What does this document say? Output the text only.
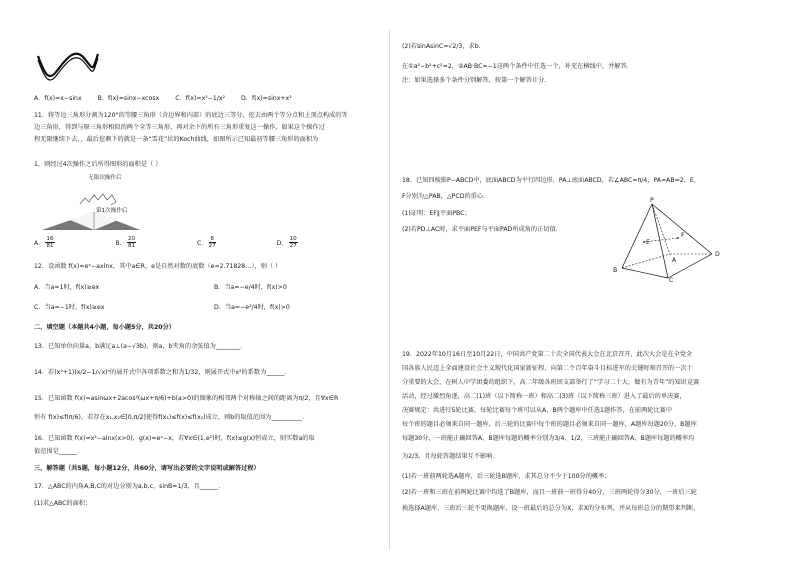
A．f(x)=x−sinx	B．f(x)=sinx−xcosx	C．f(x)=x²−1/x²	D．f(x)=sinx+x²
11．将等边三角形分割为120°的等腰三角形（含边界和内部）的底边三等分，挖去由两个等分点和上顶点构成的等
边三角形，得到与原三角形相似的两个全等三角形，再对余下的所有三角形重复这一操作，如果这个操作过
程无限继续下去，，最后挖剩下的就是一条“雪花”状的Koch曲线，如图所示已知最初等腰三角形的面积为
1，则经过4次操作之后所得图形的面积是（ ）
无限次操作后
第1次操作后
A． $\frac{16}{81}$	B． $\frac{20}{81}$	C． $\frac{8}{27}$	D． $\frac{10}{27}$
12．设函数 f(x)=eˣ−axlnx，其中a∈R，e是自然对数的底数（e≈2.71828…），则（ ）
A．当a=1时，f(x)≥ex	B．当a=−e/4时，f(x)>0
C．当a=−1时，f(x)≥ex	D．当a=−e²/4时，f(x)>0
二、填空题（本题共4小题，每小题5分，共20分）
13．已知单位向量a，b满足a⊥(a−√3b)，则a，b夹角的余弦值为________．
14．若(x²+1)(x/2−1/√x)ⁿ的展开式中各项系数之和为1/32，则展开式中x²的系数为______．
15．已知函数 f(x)=asinωx+2acos²(ωx+π/6)+b(a>0)的图象的相邻两个对称轴之间的距离为π/2，且∀x∈R
恒有 f(x)≤f(π/6)，若存在x₁,x₂∈[0,π/2]使得f(x₁)≤f(x)≤f(x₂)成立，则b的取值范围为__________．
16．已知函数 f(x)=x²−alnx(x>0)，g(x)=eˣ−x，若∀x∈(1,e²)时，f(x)≤g(x)恒成立，则实数a的取
值范围是______．
三、解答题（共5题，每小题12分，共60分，请写出必要的文字说明或解答过程）
17．△ABC的内角A,B,C的对边分别为a,b,c，sinB=1/3，且______．
(1)求△ABC的面积；
(2)若sinAsinC=√2/3，求b．
在①a²−b²+c²=2，②AB·BC=−1这两个条件中任选一个，补充在横线中，并解答．
注：如果选择多个条件分别解答，按第一个解答计分．
18．已知四棱锥P−ABCD中，底面ABCD为平行四边形，PA⊥底面ABCD，若∠ABC=π/4，PA=AB=2，E，
F分别为△PAB，△PCD的重心．
(1)证明：EF∥平面PBC；
(2)若PD⊥AC时，求平面PEF与平面PAD所成角的正切值．
P
E
F
A
B
C
D
19．2022年10月16日至10月22日，中国共产党第二十次全国代表大会在北京召开，此次大会是在全党全
国各族人民迈上全面建设社会主义现代化国家新征程、向第二个百年奋斗目标进军的关键时刻召开的一次十
分重要的大会，在树人中学团委的组织下，高二年级各班团支部举行了“学习二十大，做有为青年”的知识竞赛
活动，经过激烈角逐，高二(1)班（以下简称一班）和高二(3)班（以下简称三班）进入了最后的单决赛，
决赛规定：共进行5轮比赛，每轮比赛每个班可以从A，B两个题库中任选1题作答，在前两轮比赛中
每个班的题目必须来自同一题库，后三轮的比赛中每个班的题目必须来自同一题库，A题库每题20分，B题库
每题30分，一班能正确回答A、B题库每题的概率分别为3/4、1/2，三班能正确回答A、B题库每题的概率均
为2/3，且每轮答题结果互不影响．
(1)若一班前两轮选A题库，后三轮选B题库，求其总分不少于100分的概率；
(2)若一班和三班在前两轮比赛中均选了B题库，而且一班前一班得分40分，三班两轮得分30分，一班后三轮
换选择A题库，三班后三轮不更换题库，设一班最后的总分为X，求X的分布列，并从每班总分的期望来判断，
